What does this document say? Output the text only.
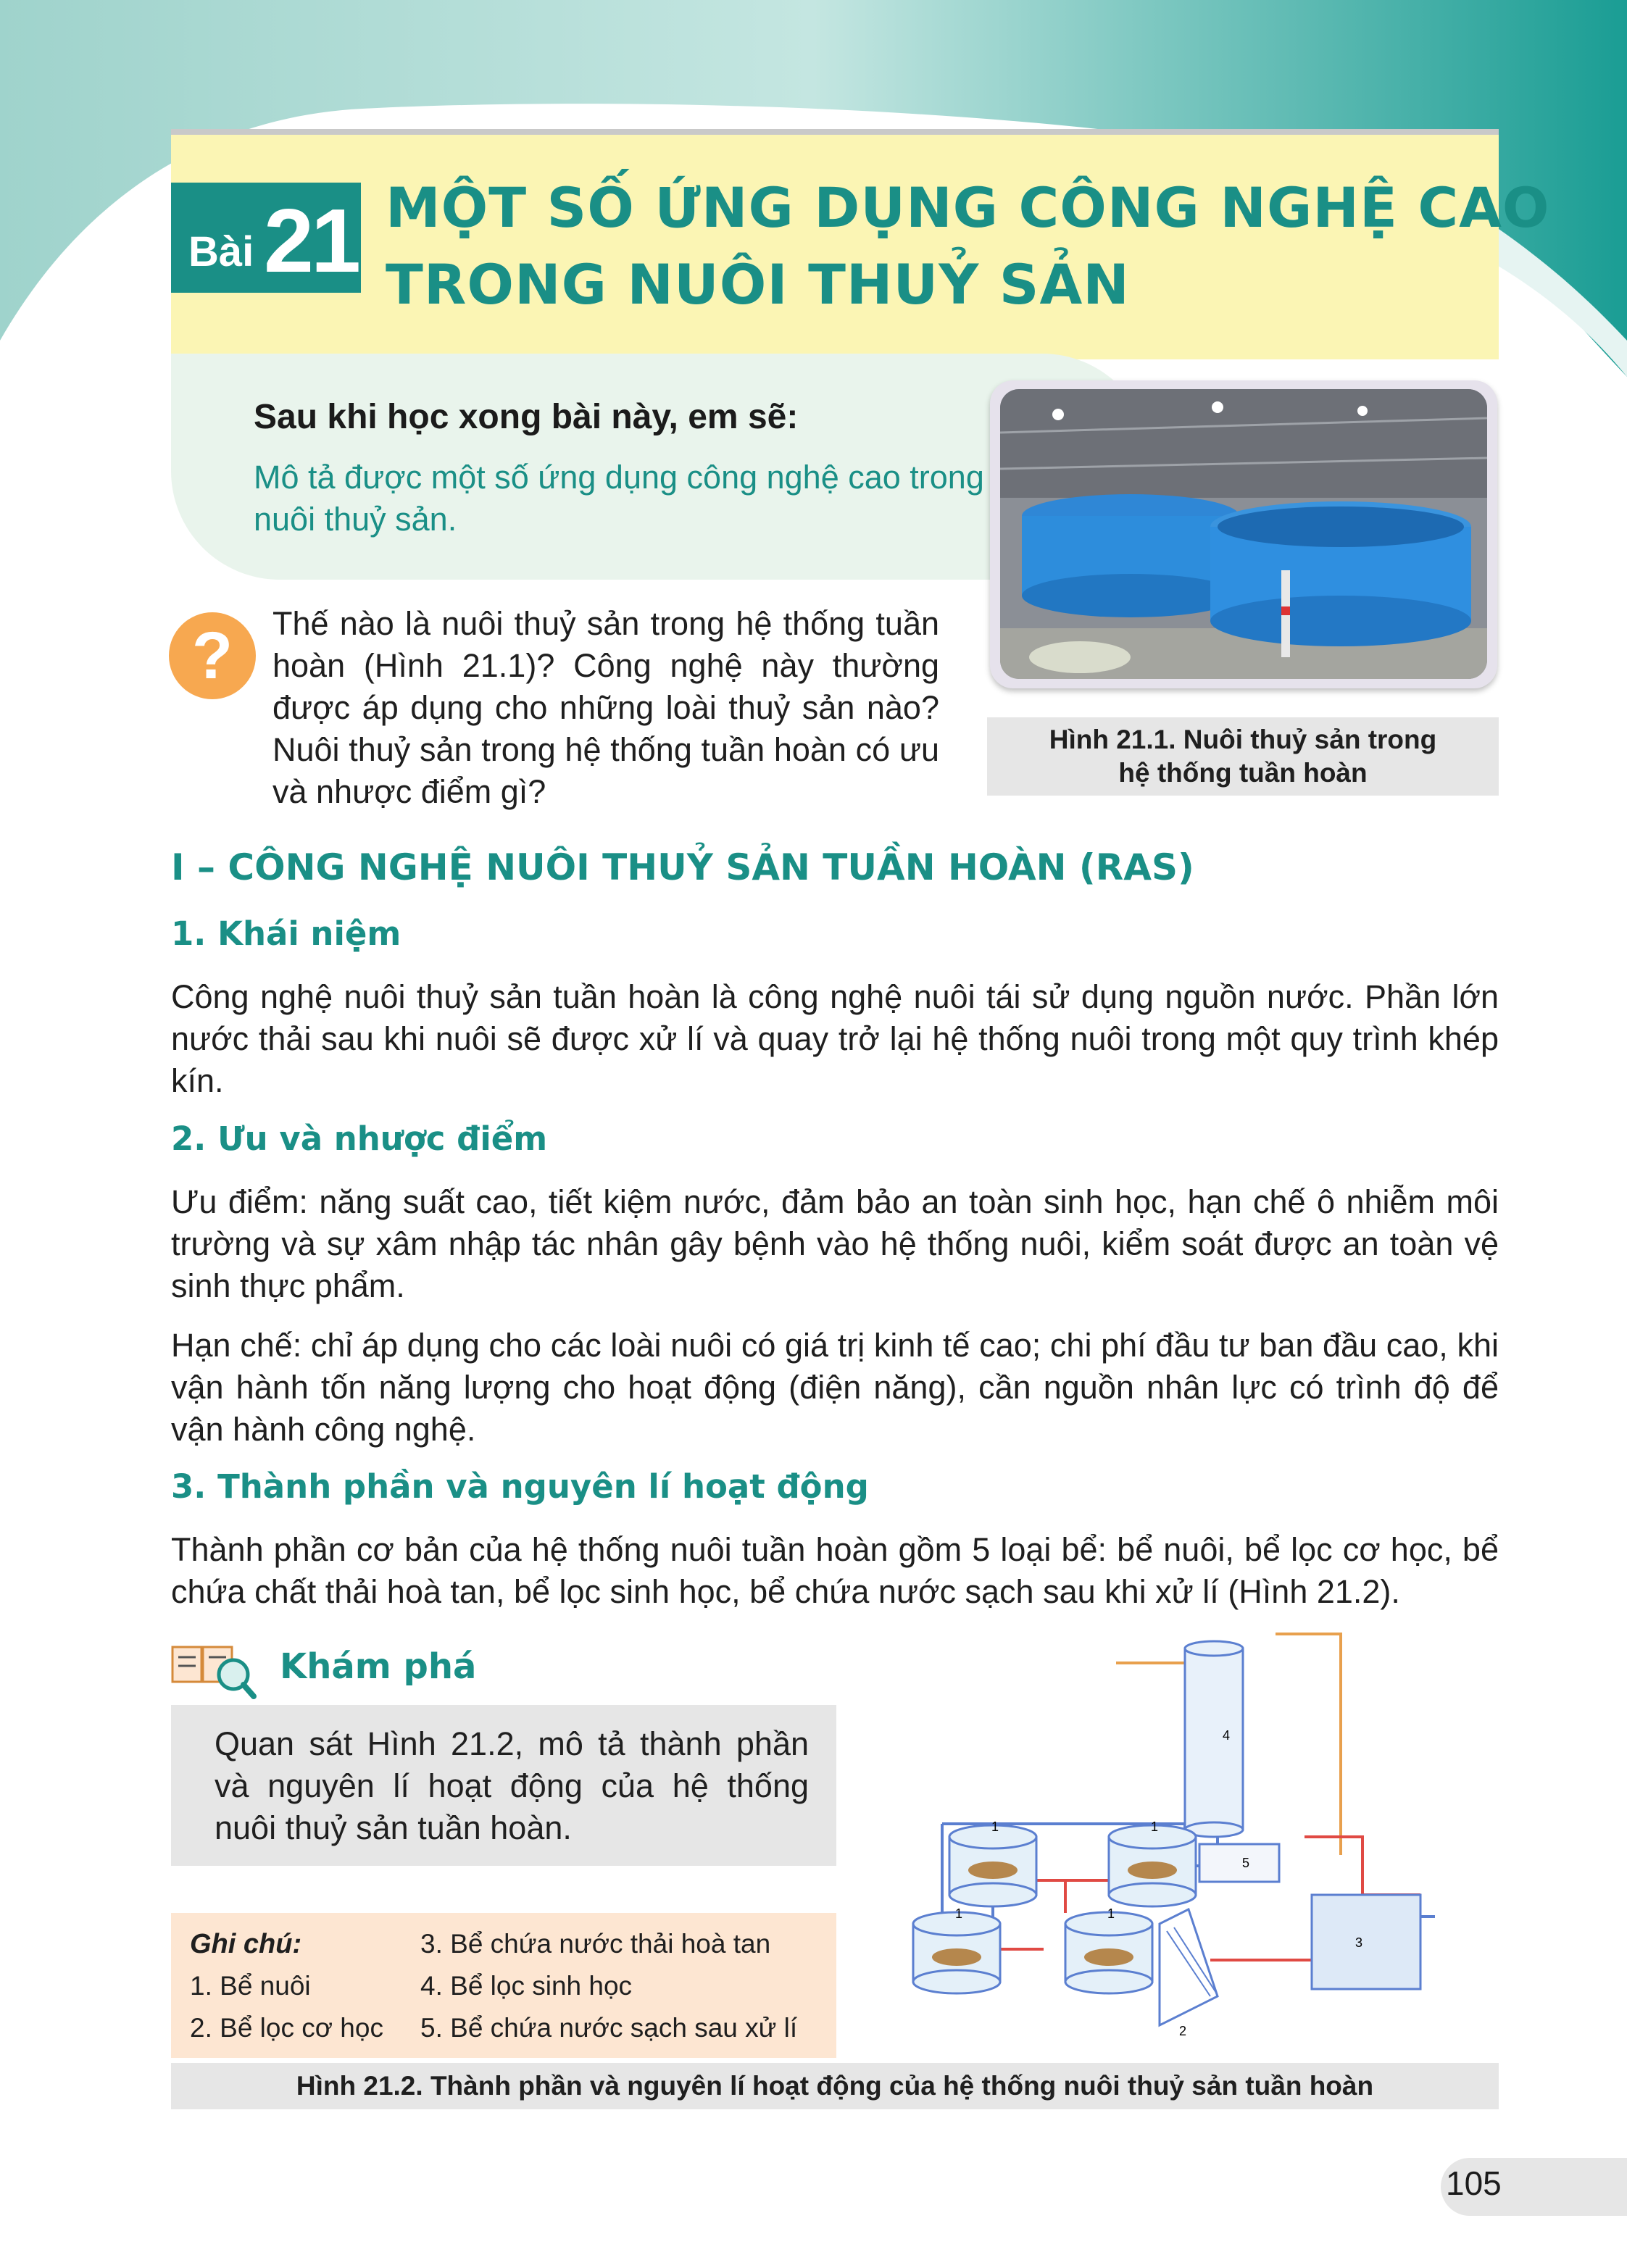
Bài 21 MỘT SỐ ỨNG DỤNG CÔNG NGHỆ CAO
TRONG NUÔI THUỶ SẢN
Sau khi học xong bài này, em sẽ:
Mô tả được một số ứng dụng công nghệ cao trong nuôi thuỷ sản.
?	Thế nào là nuôi thuỷ sản trong hệ thống tuần hoàn (Hình 21.1)? Công nghệ này thường được áp dụng cho những loài thuỷ sản nào? Nuôi thuỷ sản trong hệ thống tuần hoàn có ưu và nhược điểm gì?
Hình 21.1. Nuôi thuỷ sản trong
hệ thống tuần hoàn
I – CÔNG NGHỆ NUÔI THUỶ SẢN TUẦN HOÀN (RAS)
1. Khái niệm
Công nghệ nuôi thuỷ sản tuần hoàn là công nghệ nuôi tái sử dụng nguồn nước. Phần lớn nước thải sau khi nuôi sẽ được xử lí và quay trở lại hệ thống nuôi trong một quy trình khép kín.
2. Ưu và nhược điểm
Ưu điểm: năng suất cao, tiết kiệm nước, đảm bảo an toàn sinh học, hạn chế ô nhiễm môi trường và sự xâm nhập tác nhân gây bệnh vào hệ thống nuôi, kiểm soát được an toàn vệ sinh thực phẩm.
Hạn chế: chỉ áp dụng cho các loài nuôi có giá trị kinh tế cao; chi phí đầu tư ban đầu cao, khi vận hành tốn năng lượng cho hoạt động (điện năng), cần nguồn nhân lực có trình độ để vận hành công nghệ.
3. Thành phần và nguyên lí hoạt động
Thành phần cơ bản của hệ thống nuôi tuần hoàn gồm 5 loại bể: bể nuôi, bể lọc cơ học, bể chứa chất thải hoà tan, bể lọc sinh học, bể chứa nước sạch sau khi xử lí (Hình 21.2).
Khám phá
Quan sát Hình 21.2, mô tả thành phần và nguyên lí hoạt động của hệ thống nuôi thuỷ sản tuần hoàn.
Ghi chú:
1. Bể nuôi
2. Bể lọc cơ học
3. Bể chứa nước thải hoà tan
4. Bể lọc sinh học
5. Bể chứa nước sạch sau xử lí
4
5
3
2
1	1
1	1
Hình 21.2. Thành phần và nguyên lí hoạt động của hệ thống nuôi thuỷ sản tuần hoàn
105
